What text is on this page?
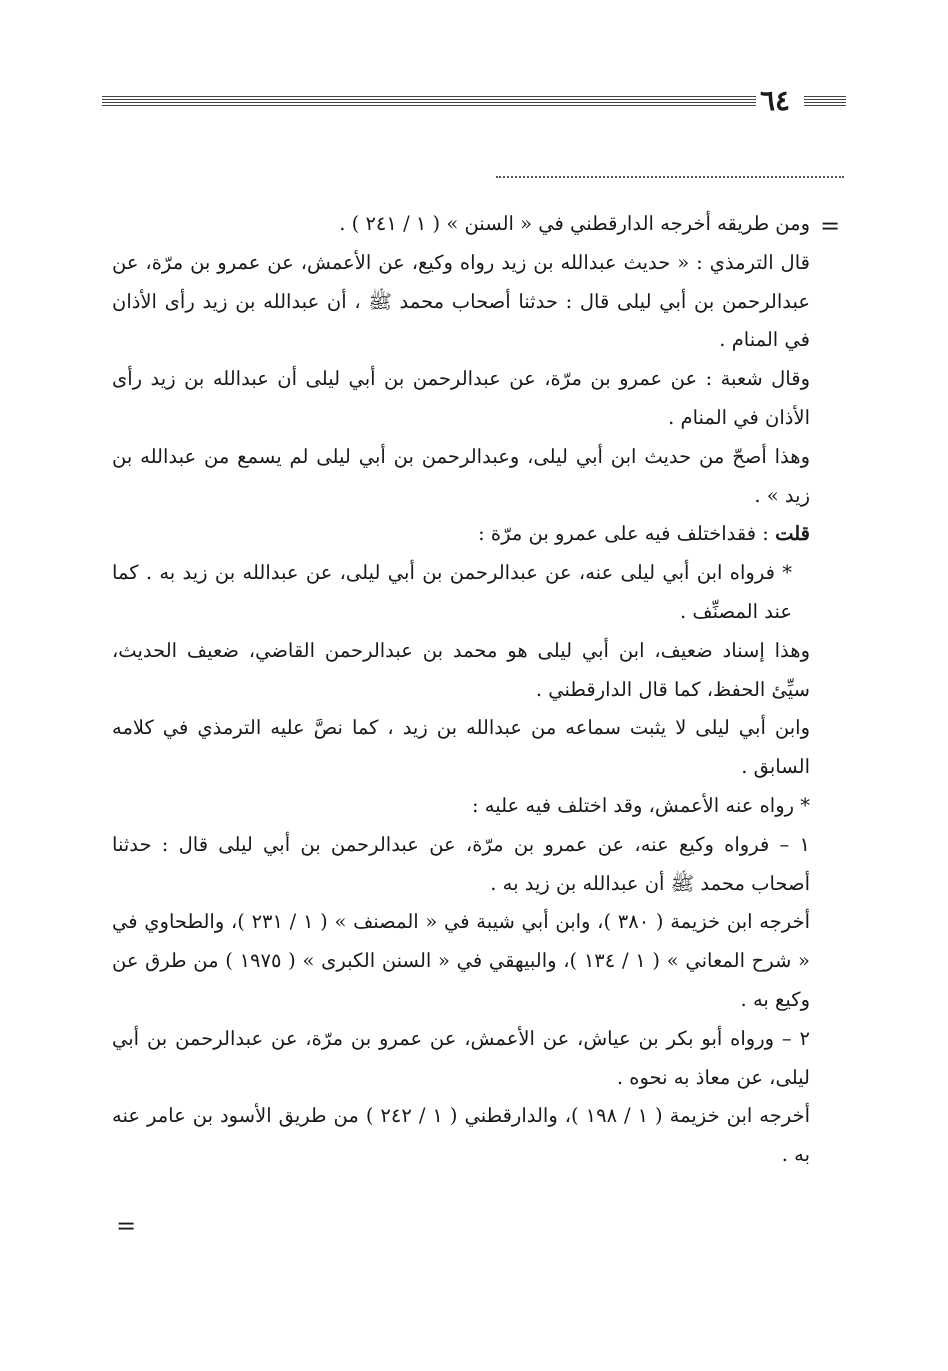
٦٤
=

ومن طريقه أخرجه الدارقطني في « السنن » ( ١ / ٢٤١ ) .

قال الترمذي : « حديث عبدالله بن زيد رواه وكيع، عن الأعمش، عن عمرو بن مرّة، عن عبدالرحمن بن أبي ليلى قال : حدثنا أصحاب محمد ﷺ ، أن عبدالله بن زيد رأى الأذان في المنام .

وقال شعبة : عن عمرو بن مرّة، عن عبدالرحمن بن أبي ليلى أن عبدالله بن زيد رأى الأذان في المنام .

وهذا أصحّ من حديث ابن أبي ليلى، وعبدالرحمن بن أبي ليلى لم يسمع من عبدالله بن زيد » .

قلت : فقداختلف فيه على عمرو بن مرّة :

* فرواه ابن أبي ليلى عنه، عن عبدالرحمن بن أبي ليلى، عن عبدالله بن زيد به . كما عند المصنِّف .

وهذا إسناد ضعيف، ابن أبي ليلى هو محمد بن عبدالرحمن القاضي، ضعيف الحديث، سيِّئ الحفظ، كما قال الدارقطني .

وابن أبي ليلى لا يثبت سماعه من عبدالله بن زيد ، كما نصَّ عليه الترمذي في كلامه السابق .

* رواه عنه الأعمش، وقد اختلف فيه عليه :

١ – فرواه وكيع عنه، عن عمرو بن مرّة، عن عبدالرحمن بن أبي ليلى قال : حدثنا أصحاب محمد ﷺ أن عبدالله بن زيد به .

أخرجه ابن خزيمة ( ٣٨٠ )، وابن أبي شيبة في « المصنف » ( ١ / ٢٣١ )، والطحاوي في « شرح المعاني » ( ١ / ١٣٤ )، والبيهقي في « السنن الكبرى » ( ١٩٧٥ ) من طرق عن وكيع به .

٢ – ورواه أبو بكر بن عياش، عن الأعمش، عن عمرو بن مرّة، عن عبدالرحمن بن أبي ليلى، عن معاذ به نحوه .

أخرجه ابن خزيمة ( ١ / ١٩٨ )، والدارقطني ( ١ / ٢٤٢ ) من طريق الأسود بن عامر عنه به .

=
